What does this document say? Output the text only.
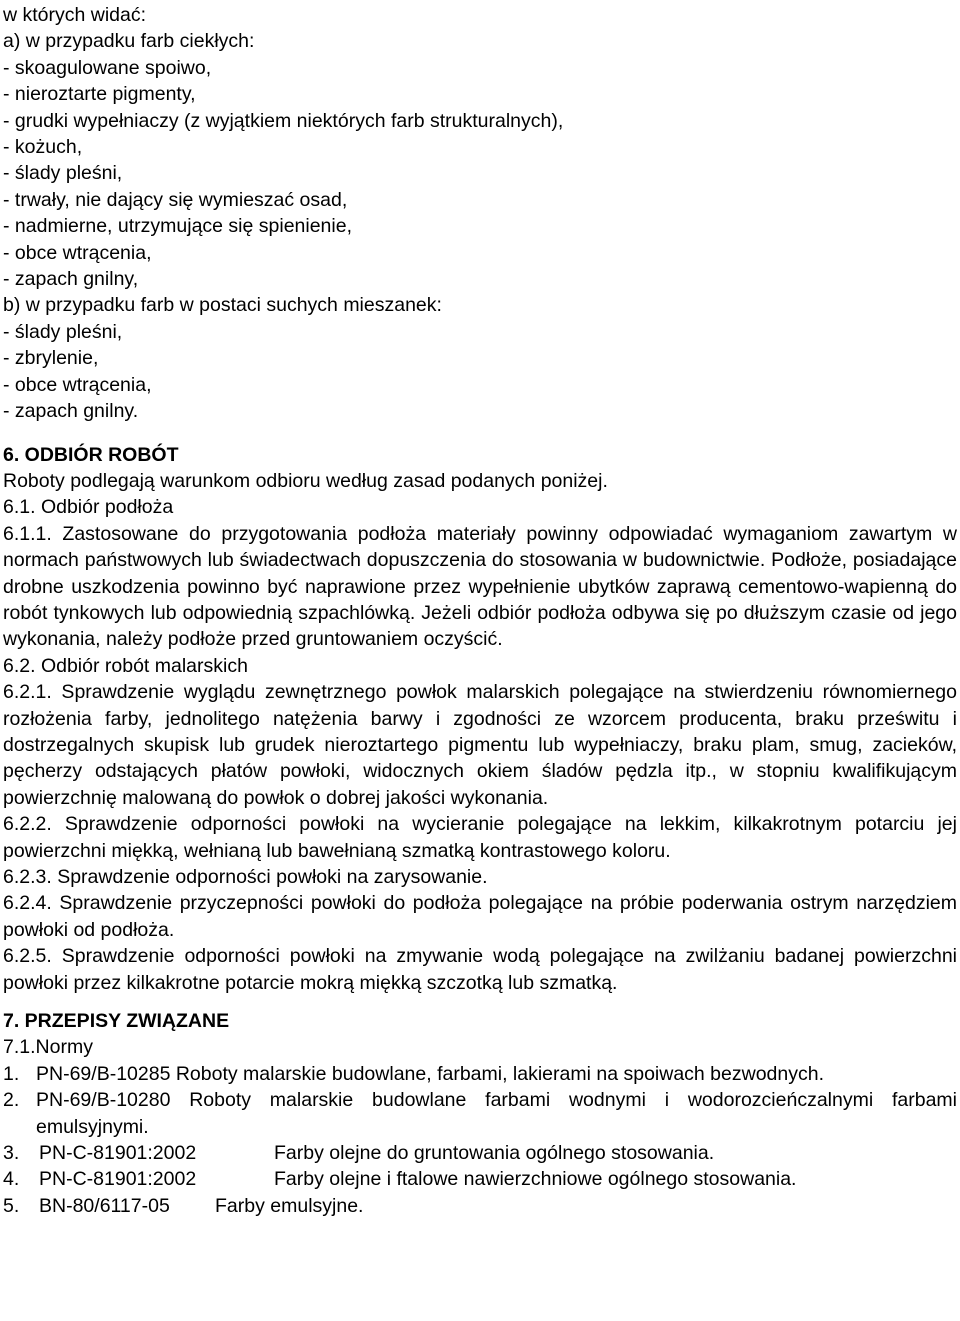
w których widać:
a) w przypadku farb ciekłych:
- skoagulowane spoiwo,
- nieroztarte pigmenty,
- grudki wypełniaczy (z wyjątkiem niektórych farb strukturalnych),
- kożuch,
- ślady pleśni,
- trwały, nie dający się wymieszać osad,
- nadmierne, utrzymujące się spienienie,
- obce wtrącenia,
- zapach gnilny,
b) w przypadku farb w postaci suchych mieszanek:
- ślady pleśni,
- zbrylenie,
- obce wtrącenia,
- zapach gnilny.
6. ODBIÓR ROBÓT
Roboty podlegają warunkom odbioru według zasad podanych poniżej.
6.1. Odbiór podłoża
6.1.1. Zastosowane do przygotowania podłoża materiały powinny odpowiadać wymaganiom zawartym w normach państwowych lub świadectwach dopuszczenia do stosowania w budownictwie. Podłoże, posiadające drobne uszkodzenia powinno być naprawione przez wypełnienie ubytków zaprawą cementowo-wapienną do robót tynkowych lub odpowiednią szpachlówką. Jeżeli odbiór podłoża odbywa się po dłuższym czasie od jego wykonania, należy podłoże przed gruntowaniem oczyścić.
6.2. Odbiór robót malarskich
6.2.1. Sprawdzenie wyglądu zewnętrznego powłok malarskich polegające na stwierdzeniu równomiernego rozłożenia farby, jednolitego natężenia barwy i zgodności ze wzorcem producenta, braku prześwitu i dostrzegalnych skupisk lub grudek nieroztartego pigmentu lub wypełniaczy, braku plam, smug, zacieków, pęcherzy odstających płatów powłoki, widocznych okiem śladów pędzla itp., w stopniu kwalifikującym powierzchnię malowaną do powłok o dobrej jakości wykonania.
6.2.2. Sprawdzenie odporności powłoki na wycieranie polegające na lekkim, kilkakrotnym potarciu jej powierzchni miękką, wełnianą lub bawełnianą szmatką kontrastowego koloru.
6.2.3. Sprawdzenie odporności powłoki na zarysowanie.
6.2.4. Sprawdzenie przyczepności powłoki do podłoża polegające na próbie poderwania ostrym narzędziem powłoki od podłoża.
6.2.5. Sprawdzenie odporności powłoki na zmywanie wodą polegające na zwilżaniu badanej powierzchni powłoki przez kilkakrotne potarcie mokrą miękką szczotką lub szmatką.
7. PRZEPISY ZWIĄZANE
7.1.Normy
1. PN-69/B-10285 Roboty malarskie budowlane, farbami, lakierami na spoiwach bezwodnych.
2. PN-69/B-10280 Roboty malarskie budowlane farbami wodnymi i wodorozcieńczalnymi farbami emulsyjnymi.
3.	PN-C-81901:2002	Farby olejne do gruntowania ogólnego stosowania.
4.	PN-C-81901:2002	Farby olejne i ftalowe nawierzchniowe ogólnego stosowania.
5.	BN-80/6117-05 Farby emulsyjne.
